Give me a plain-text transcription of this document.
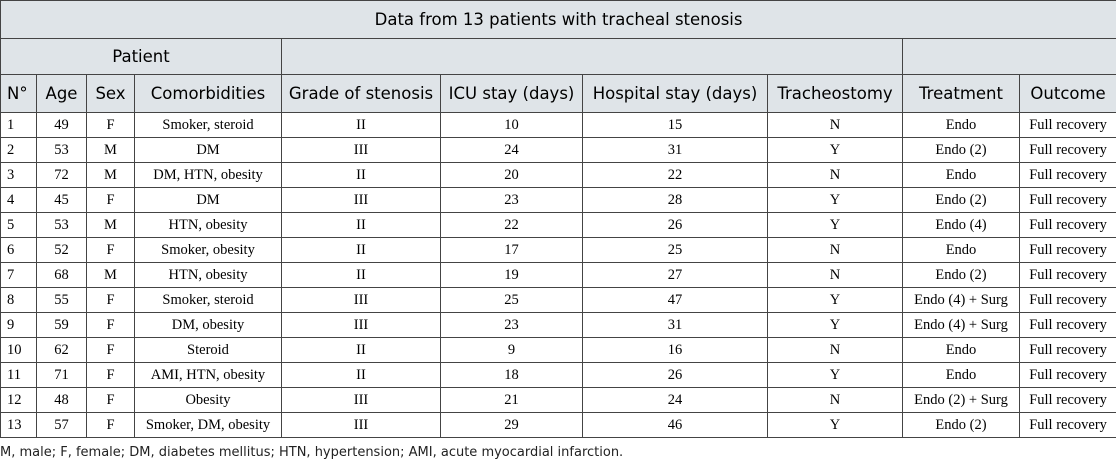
Data from 13 patients with tracheal stenosis									
Patient									
N°	Age	Sex	Comorbidities	Grade of stenosis	ICU stay (days)	Hospital stay (days)	Tracheostomy	Treatment	Outcome
1	49	F	Smoker, steroid	II	10	15	N	Endo	Full recovery
2	53	M	DM	III	24	31	Y	Endo (2)	Full recovery
3	72	M	DM, HTN, obesity	II	20	22	N	Endo	Full recovery
4	45	F	DM	III	23	28	Y	Endo (2)	Full recovery
5	53	M	HTN, obesity	II	22	26	Y	Endo (4)	Full recovery
6	52	F	Smoker, obesity	II	17	25	N	Endo	Full recovery
7	68	M	HTN, obesity	II	19	27	N	Endo (2)	Full recovery
8	55	F	Smoker, steroid	III	25	47	Y	Endo (4) + Surg	Full recovery
9	59	F	DM, obesity	III	23	31	Y	Endo (4) + Surg	Full recovery
10	62	F	Steroid	II	9	16	N	Endo	Full recovery
11	71	F	AMI, HTN, obesity	II	18	26	Y	Endo	Full recovery
12	48	F	Obesity	III	21	24	N	Endo (2) + Surg	Full recovery
13	57	F	Smoker, DM, obesity	III	29	46	Y	Endo (2)	Full recovery
M, male; F, female; DM, diabetes mellitus; HTN, hypertension; AMI, acute myocardial infarction.
